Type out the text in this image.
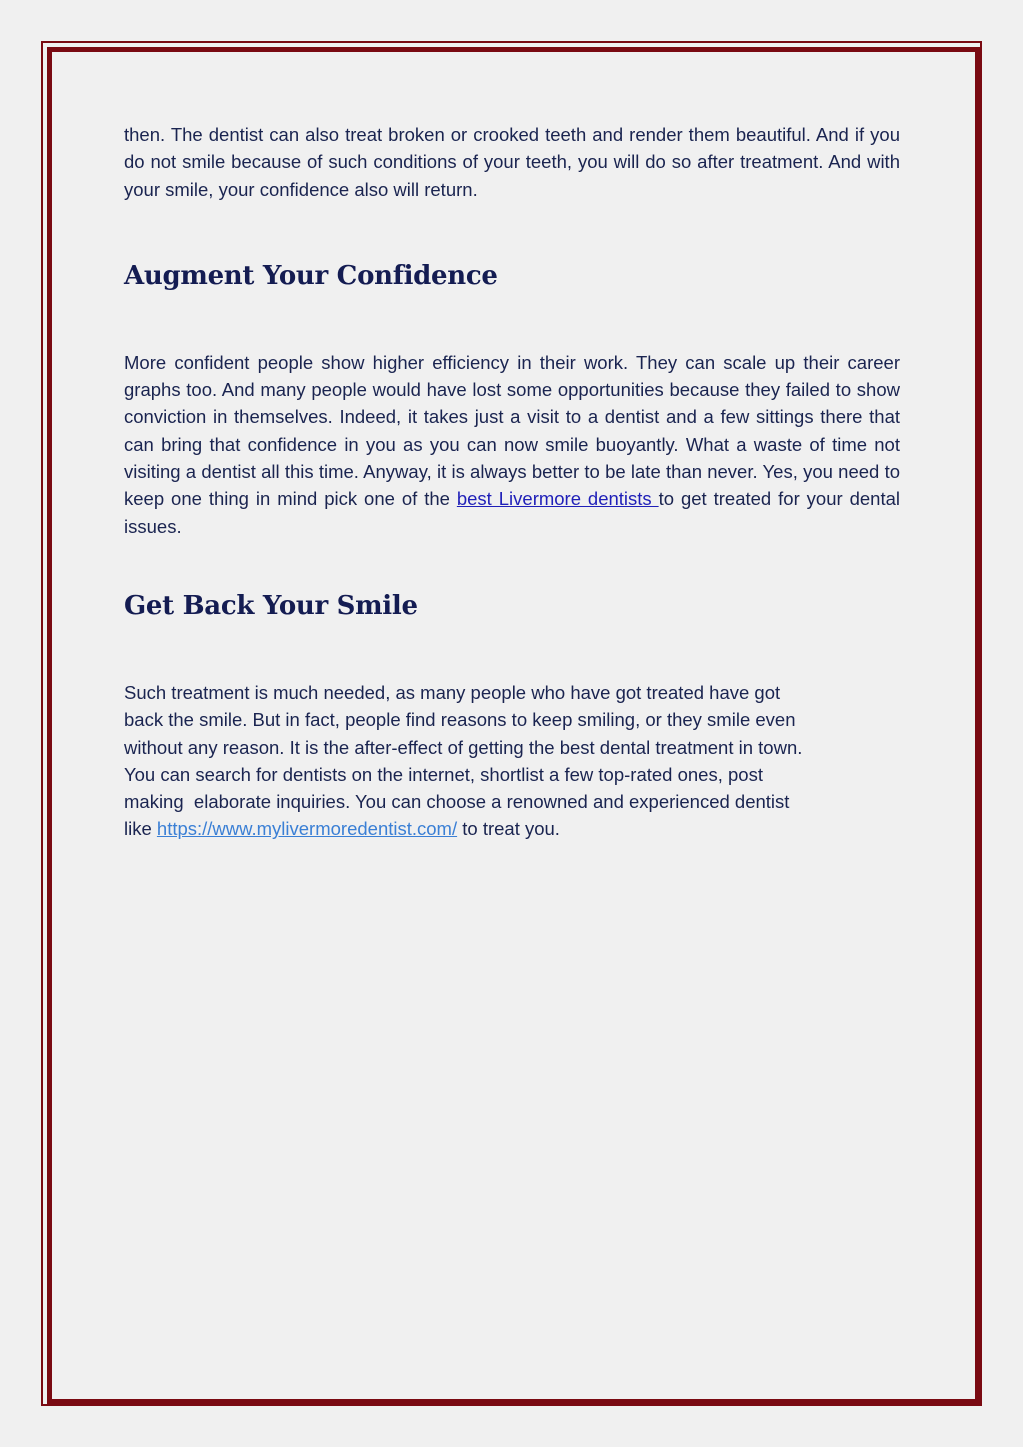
then. The dentist can also treat broken or crooked teeth and render them beautiful. And if you do not smile because of such conditions of your teeth, you will do so after treatment. And with your smile, your confidence also will return.

Augment Your Confidence

More confident people show higher efficiency in their work. They can scale up their career graphs too. And many people would have lost some opportunities because they failed to show conviction in themselves. Indeed, it takes just a visit to a dentist and a few sittings there that can bring that confidence in you as you can now smile buoyantly. What a waste of time not visiting a dentist all this time. Anyway, it is always better to be late than never. Yes, you need to keep one thing in mind pick one of the best Livermore dentists to get treated for your dental issues.

Get Back Your Smile

Such treatment is much needed, as many people who have got treated have got
back the smile. But in fact, people find reasons to keep smiling, or they smile even
without any reason. It is the after-effect of getting the best dental treatment in town.
You can search for dentists on the internet, shortlist a few top-rated ones, post
making  elaborate inquiries. You can choose a renowned and experienced dentist
like https://www.mylivermoredentist.com/ to treat you.
